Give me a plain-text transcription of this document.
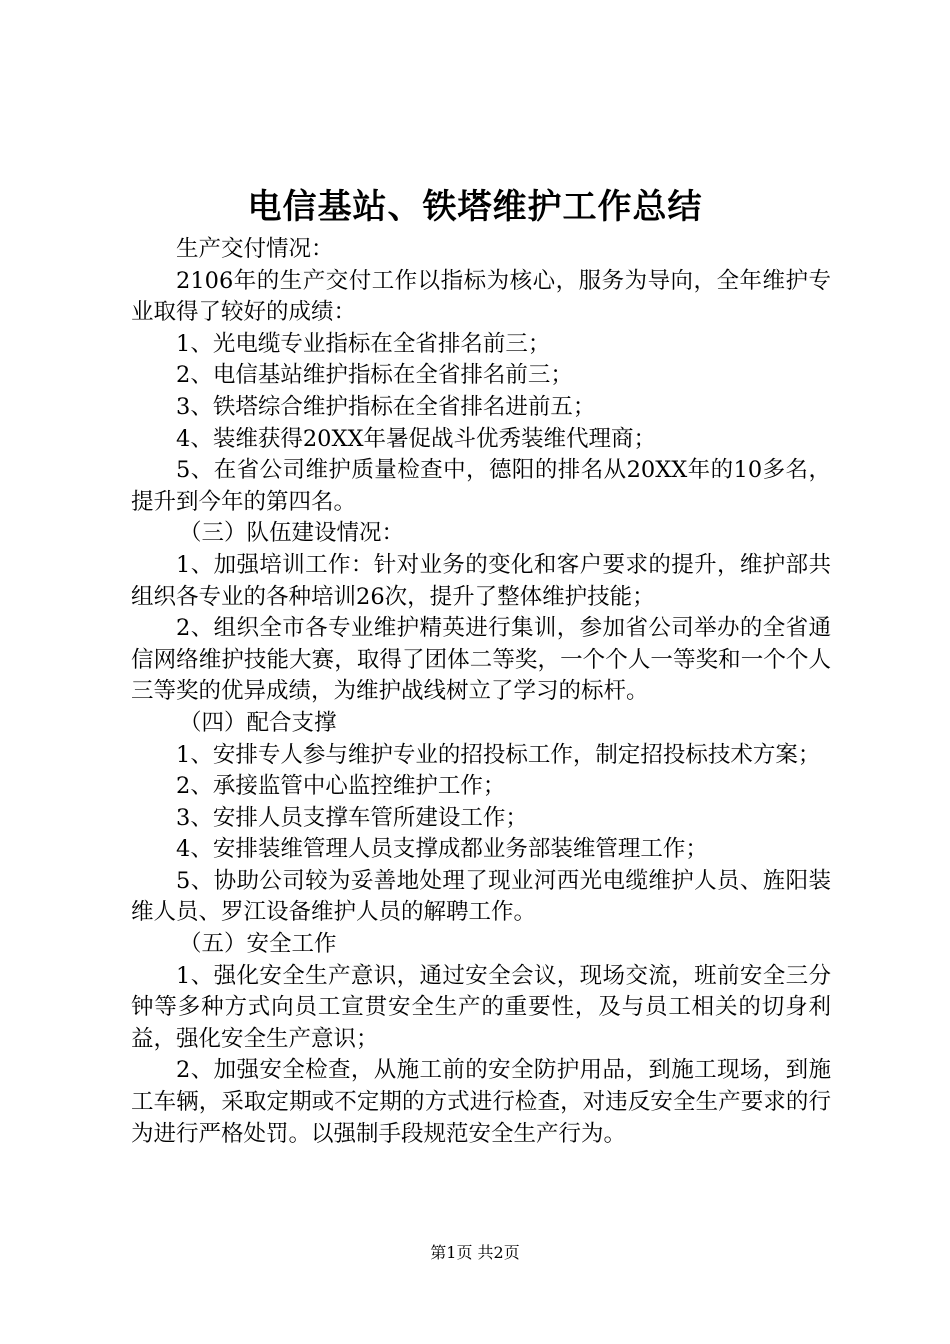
电信基站、铁塔维护工作总结

生产交付情况：

2106年的生产交付工作以指标为核心，服务为导向，全年维护专业取得了较好的成绩：

1、光电缆专业指标在全省排名前三；

2、电信基站维护指标在全省排名前三；

3、铁塔综合维护指标在全省排名进前五；

4、装维获得20XX年暑促战斗优秀装维代理商；

5、在省公司维护质量检查中，德阳的排名从20XX年的10多名，提升到今年的第四名。

（三）队伍建设情况：

1、加强培训工作：针对业务的变化和客户要求的提升，维护部共组织各专业的各种培训26次，提升了整体维护技能；

2、组织全市各专业维护精英进行集训，参加省公司举办的全省通信网络维护技能大赛，取得了团体二等奖，一个个人一等奖和一个个人三等奖的优异成绩，为维护战线树立了学习的标杆。

（四）配合支撑

1、安排专人参与维护专业的招投标工作，制定招投标技术方案；

2、承接监管中心监控维护工作；

3、安排人员支撑车管所建设工作；

4、安排装维管理人员支撑成都业务部装维管理工作；

5、协助公司较为妥善地处理了现业河西光电缆维护人员、旌阳装维人员、罗江设备维护人员的解聘工作。

（五）安全工作

1、强化安全生产意识，通过安全会议，现场交流，班前安全三分钟等多种方式向员工宣贯安全生产的重要性，及与员工相关的切身利益，强化安全生产意识；

2、加强安全检查，从施工前的安全防护用品，到施工现场，到施工车辆，采取定期或不定期的方式进行检查，对违反安全生产要求的行为进行严格处罚。以强制手段规范安全生产行为。

第1页 共2页
